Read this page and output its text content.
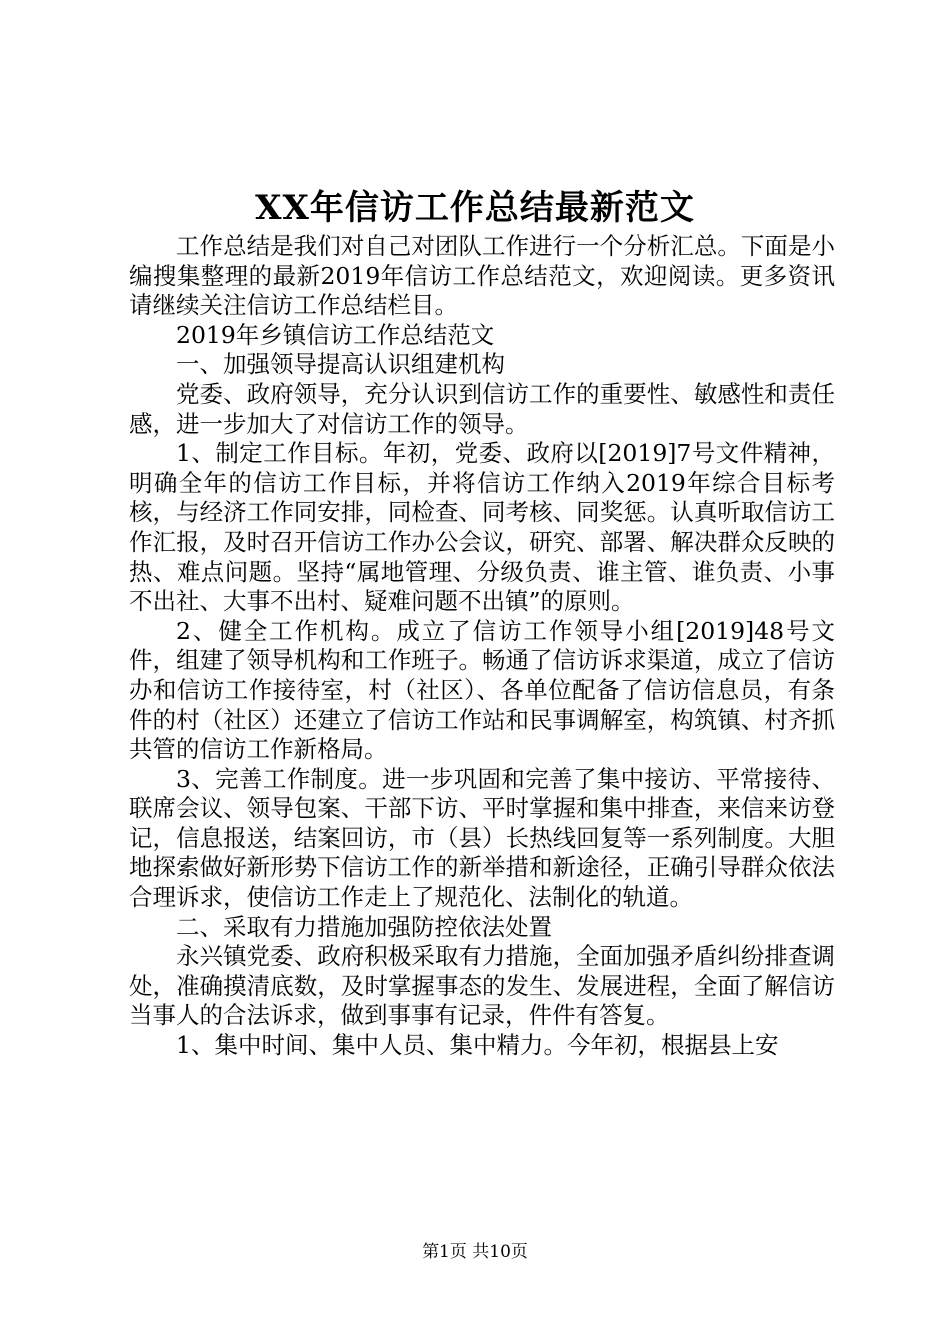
XX年信访工作总结最新范文

工作总结是我们对自己对团队工作进行一个分析汇总。下面是小编搜集整理的最新2019年信访工作总结范文，欢迎阅读。更多资讯请继续关注信访工作总结栏目。

2019年乡镇信访工作总结范文

一、加强领导提高认识组建机构

党委、政府领导，充分认识到信访工作的重要性、敏感性和责任感，进一步加大了对信访工作的领导。

1、制定工作目标。年初，党委、政府以[2019]7号文件精神，明确全年的信访工作目标，并将信访工作纳入2019年综合目标考核，与经济工作同安排，同检查、同考核、同奖惩。认真听取信访工作汇报，及时召开信访工作办公会议，研究、部署、解决群众反映的热、难点问题。坚持“属地管理、分级负责、谁主管、谁负责、小事不出社、大事不出村、疑难问题不出镇”的原则。

2、健全工作机构。成立了信访工作领导小组[2019]48号文件，组建了领导机构和工作班子。畅通了信访诉求渠道，成立了信访办和信访工作接待室，村（社区）、各单位配备了信访信息员，有条件的村（社区）还建立了信访工作站和民事调解室，构筑镇、村齐抓共管的信访工作新格局。

3、完善工作制度。进一步巩固和完善了集中接访、平常接待、联席会议、领导包案、干部下访、平时掌握和集中排查，来信来访登记，信息报送，结案回访，市（县）长热线回复等一系列制度。大胆地探索做好新形势下信访工作的新举措和新途径，正确引导群众依法合理诉求，使信访工作走上了规范化、法制化的轨道。

二、采取有力措施加强防控依法处置

永兴镇党委、政府积极采取有力措施，全面加强矛盾纠纷排查调处，准确摸清底数，及时掌握事态的发生、发展进程，全面了解信访当事人的合法诉求，做到事事有记录，件件有答复。

1、集中时间、集中人员、集中精力。今年初，根据县上安

第1页 共10页
